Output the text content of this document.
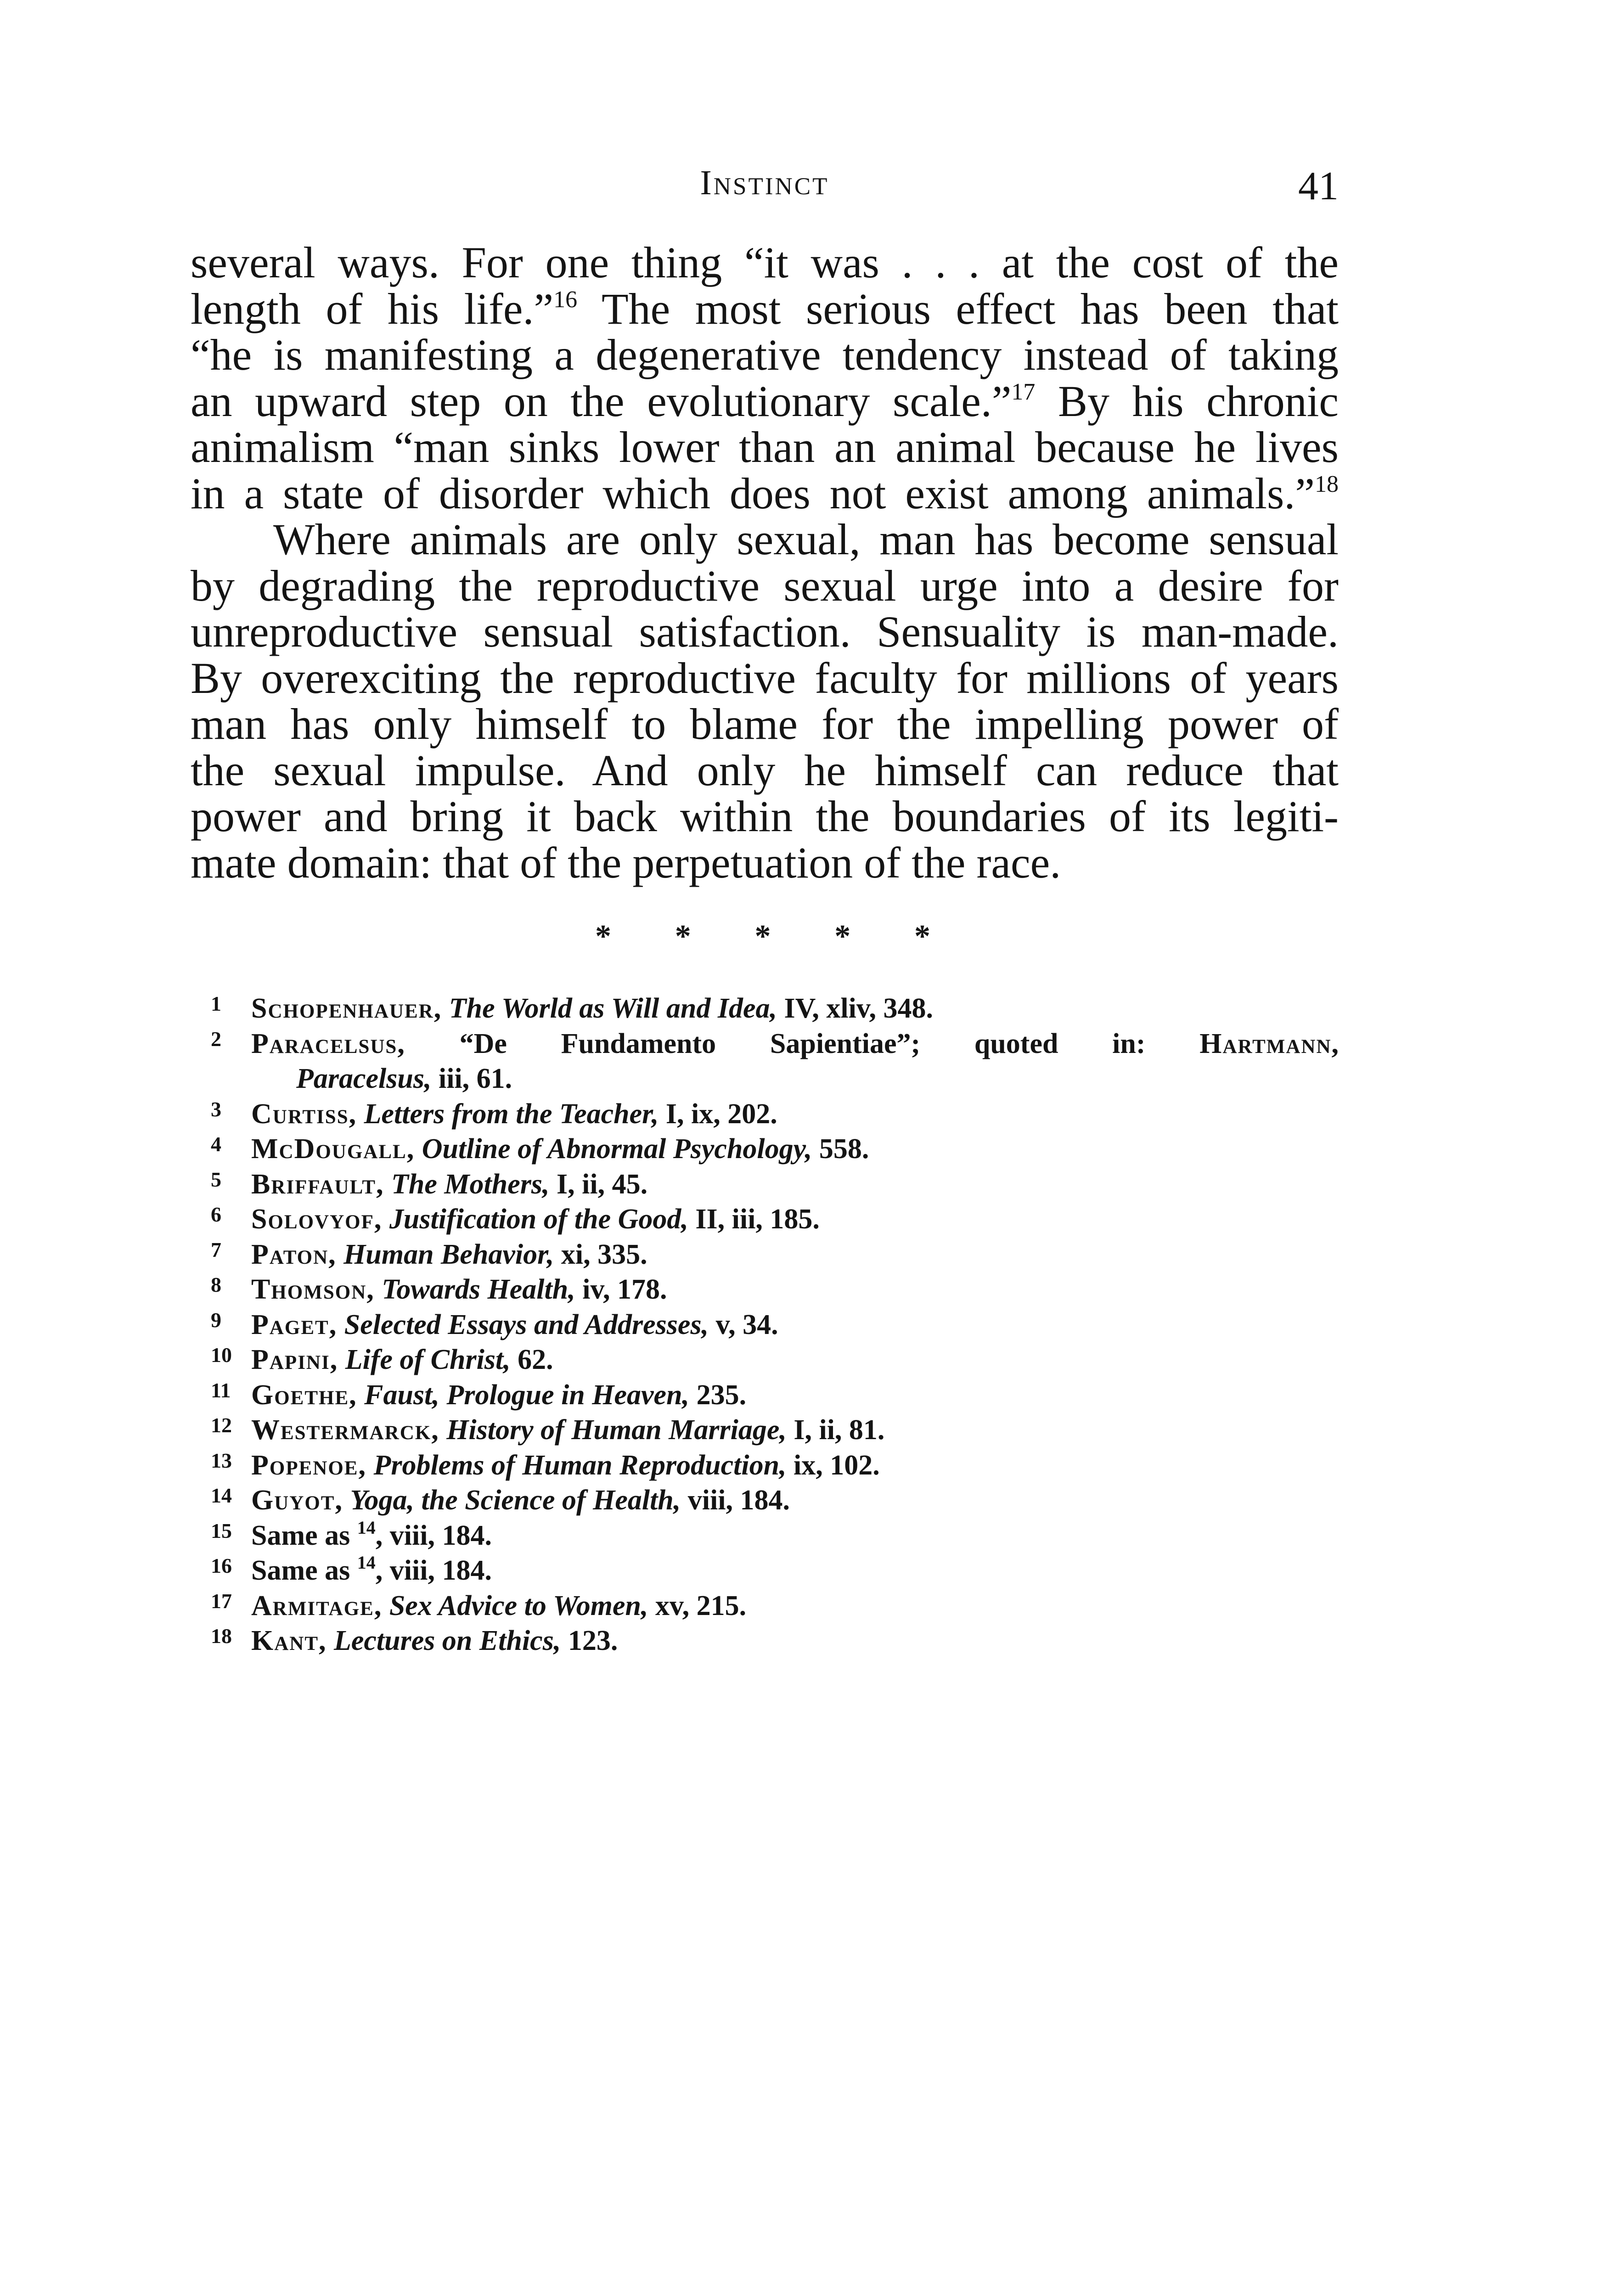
Instinct	41
several ways. For one thing “it was . . . at the cost of the
length of his life.”$^{16}$ The most serious effect has been that
“he is manifesting a degenerative tendency instead of taking
an upward step on the evolutionary scale.”$^{17}$ By his chronic
animalism “man sinks lower than an animal because he lives
in a state of disorder which does not exist among animals.”$^{18}$
Where animals are only sexual, man has become sensual
by degrading the reproductive sexual urge into a desire for
unreproductive sensual satisfaction. Sensuality is man-made.
By overexciting the reproductive faculty for millions of years
man has only himself to blame for the impelling power of
the sexual impulse. And only he himself can reduce that
power and bring it back within the boundaries of its legiti-
mate domain: that of the perpetuation of the race.
* * * * *
1	Schopenhauer, The World as Will and Idea, IV, xliv, 348.
2	Paracelsus, “De Fundamento Sapientiae”; quoted in: Hartmann,
Paracelsus, iii, 61.
3	Curtiss, Letters from the Teacher, I, ix, 202.
4	McDougall, Outline of Abnormal Psychology, 558.
5	Briffault, The Mothers, I, ii, 45.
6	Solovyof, Justification of the Good, II, iii, 185.
7	Paton, Human Behavior, xi, 335.
8	Thomson, Towards Health, iv, 178.
9	Paget, Selected Essays and Addresses, v, 34.
10 Papini, Life of Christ, 62.
11 Goethe, Faust, Prologue in Heaven, 235.
12 Westermarck, History of Human Marriage, I, ii, 81.
13 Popenoe, Problems of Human Reproduction, ix, 102.
14 Guyot, Yoga, the Science of Health, viii, 184.
15 Same as $^{14}$, viii, 184.
16 Same as $^{14}$, viii, 184.
17 Armitage, Sex Advice to Women, xv, 215.
18 Kant, Lectures on Ethics, 123.
